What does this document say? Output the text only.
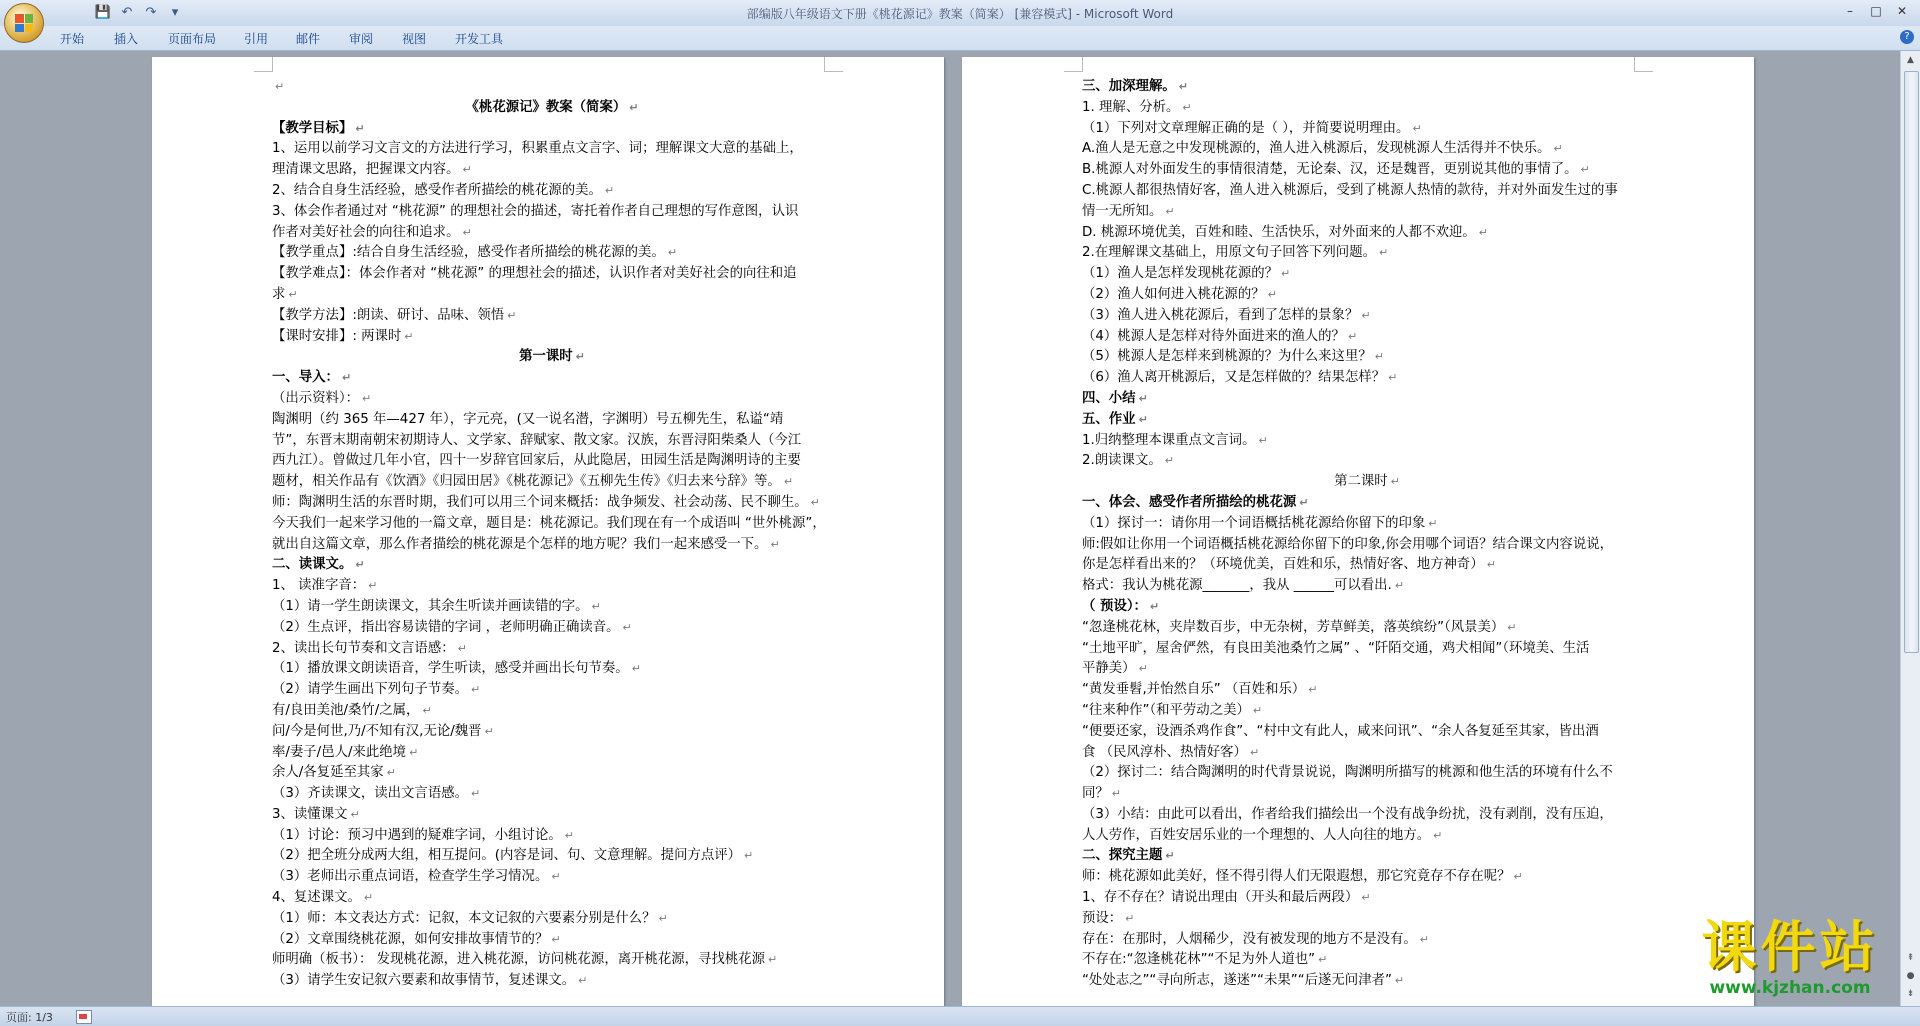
💾 ↶ ↷	▾	部编版八年级语文下册《桃花源记》教案（简案） [兼容模式] - Microsoft Word	–	□	✕
开始 插入 页面布局 引用 邮件 审阅 视图 开发工具	?
↵
《桃花源记》教案（简案） ↵
【教学目标】 ↵
1、运用以前学习文言文的方法进行学习，积累重点文言字、词；理解课文大意的基础上，
理清课文思路，把握课文内容。 ↵
2、结合自身生活经验，感受作者所描绘的桃花源的美。 ↵
3、体会作者通过对 “桃花源” 的理想社会的描述，寄托着作者自己理想的写作意图，认识
作者对美好社会的向往和追求。 ↵
【教学重点】:结合自身生活经验，感受作者所描绘的桃花源的美。 ↵
【教学难点】：体会作者对 “桃花源” 的理想社会的描述，认识作者对美好社会的向往和追
求 ↵
【教学方法】:朗读、研讨、品味、领悟 ↵
【课时安排】: 两课时 ↵
第一课时 ↵
一、导入： ↵
（出示资料）： ↵
陶渊明（约 365 年—427 年），字元亮，(又一说名潜，字渊明）号五柳先生，私谥“靖
节”，东晋末期南朝宋初期诗人、文学家、辞赋家、散文家。汉族，东晋浔阳柴桑人（今江
西九江）。曾做过几年小官，四十一岁辞官回家后，从此隐居，田园生活是陶渊明诗的主要
题材，相关作品有《饮酒》《归园田居》《桃花源记》《五柳先生传》《归去来兮辞》等。 ↵
师：陶渊明生活的东晋时期，我们可以用三个词来概括：战争频发、社会动荡、民不聊生。 ↵
今天我们一起来学习他的一篇文章，题目是：桃花源记。我们现在有一个成语叫 “世外桃源”，
就出自这篇文章，那么作者描绘的桃花源是个怎样的地方呢？我们一起来感受一下。 ↵
二、读课文。 ↵
1、 读准字音： ↵
（1）请一学生朗读课文，其余生听读并画读错的字。 ↵
（2）生点评，指出容易读错的字词 ，老师明确正确读音。 ↵
2、读出长句节奏和文言语感： ↵
（1）播放课文朗读语音，学生听读，感受并画出长句节奏。 ↵
（2）请学生画出下列句子节奏。 ↵
有/良田美池/桑竹/之属， ↵
问/今是何世,乃/不知有汉,无论/魏晋 ↵
率/妻子/邑人/来此绝境 ↵
余人/各复延至其家 ↵
（3）齐读课文，读出文言语感。 ↵
3、读懂课文 ↵
（1）讨论：预习中遇到的疑难字词，小组讨论。 ↵
（2）把全班分成两大组，相互提问。(内容是词、句、文意理解。提问方点评） ↵
（3）老师出示重点词语，检查学生学习情况。 ↵
4、复述课文。 ↵
（1）师：本文表达方式：记叙，本文记叙的六要素分别是什么？ ↵
（2）文章围绕桃花源，如何安排故事情节的？ ↵
师明确（板书）： 发现桃花源，进入桃花源，访问桃花源，离开桃花源，寻找桃花源 ↵
（3）请学生安记叙六要素和故事情节，复述课文。 ↵
三、加深理解。 ↵
1. 理解、分析。 ↵
（1）下列对文章理解正确的是（ ），并简要说明理由。 ↵
A.渔人是无意之中发现桃源的，渔人进入桃源后，发现桃源人生活得并不快乐。 ↵
B.桃源人对外面发生的事情很清楚，无论秦、汉，还是魏晋，更别说其他的事情了。 ↵
C.桃源人都很热情好客，渔人进入桃源后，受到了桃源人热情的款待，并对外面发生过的事
情一无所知。 ↵
D. 桃源环境优美，百姓和睦、生活快乐，对外面来的人都不欢迎。 ↵
2.在理解课文基础上，用原文句子回答下列问题。 ↵
（1）渔人是怎样发现桃花源的？ ↵
（2）渔人如何进入桃花源的？ ↵
（3）渔人进入桃花源后，看到了怎样的景象？ ↵
（4）桃源人是怎样对待外面进来的渔人的？ ↵
（5）桃源人是怎样来到桃源的？为什么来这里？ ↵
（6）渔人离开桃源后，又是怎样做的？结果怎样？ ↵
四、小结 ↵
五、作业 ↵
1.归纳整理本课重点文言词。 ↵
2.朗读课文。 ↵
第二课时 ↵
一、体会、感受作者所描绘的桃花源 ↵
（1）探讨一：请你用一个词语概括桃花源给你留下的印象 ↵
师:假如让你用一个词语概括桃花源给你留下的印象,你会用哪个词语？结合课文内容说说，
你是怎样看出来的？（环境优美，百姓和乐，热情好客、地方神奇） ↵
格式：我认为桃花源_______，我从 ______可以看出. ↵
（ 预设）： ↵
“忽逢桃花林，夹岸数百步，中无杂树，芳草鲜美，落英缤纷”（风景美） ↵
“土地平旷，屋舍俨然，有良田美池桑竹之属” 、“阡陌交通，鸡犬相闻”（环境美、生活
平静美） ↵
“黄发垂髫,并怡然自乐” （百姓和乐） ↵
“往来种作”（和平劳动之美） ↵
“便要还家，设酒杀鸡作食”、“村中文有此人，咸来问讯”、“余人各复延至其家，皆出酒
食 （民风淳朴、热情好客） ↵
（2）探讨二：结合陶渊明的时代背景说说，陶渊明所描写的桃源和他生活的环境有什么不
同？ ↵
（3）小结：由此可以看出，作者给我们描绘出一个没有战争纷扰，没有剥削，没有压迫，
人人劳作，百姓安居乐业的一个理想的、人人向往的地方。 ↵
二、探究主题 ↵
师：桃花源如此美好，怪不得引得人们无限遐想，那它究竟存不存在呢？ ↵
1、存不存在？请说出理由（开头和最后两段） ↵
预设： ↵
存在：在那时，人烟稀少，没有被发现的地方不是没有。 ↵
不存在:“忽逢桃花林”“不足为外人道也” ↵
“处处志之”“寻向所志，遂迷”“未果”“后遂无问津者” ↵
▲
⇞
●
⇟
页面: 1/3
课件站
www.kjzhan.com
